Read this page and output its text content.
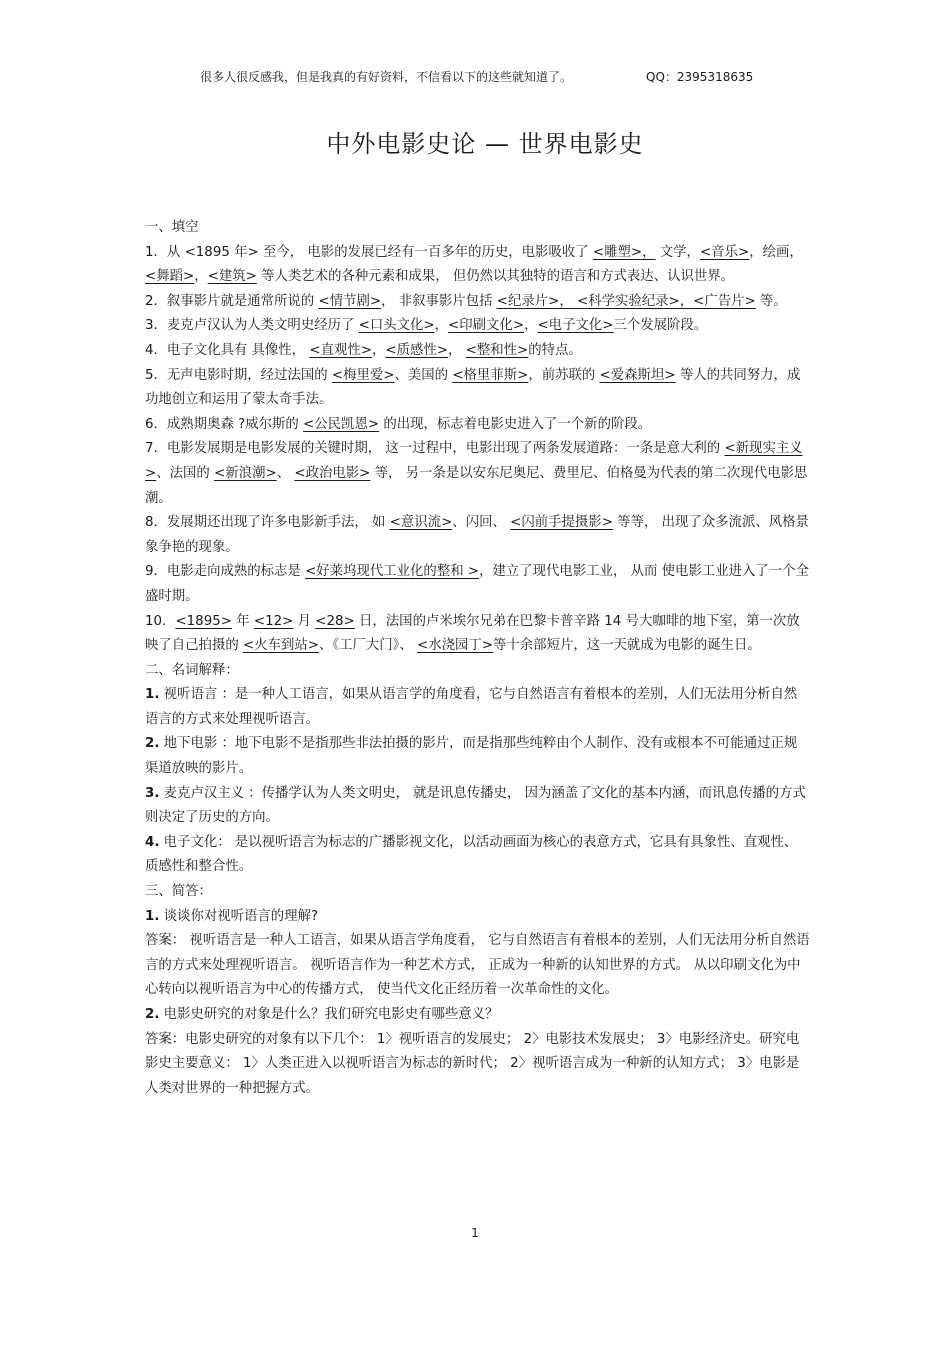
很多人很反感我，但是我真的有好资料，不信看以下的这些就知道了。	QQ：2395318635
中外电影史论 — 世界电影史

一、填空

1．从 <1895 年> 至今， 电影的发展已经有一百多年的历史，电影吸收了 <雕塑>， 文学，<音乐>，绘画，<舞蹈>，<建筑> 等人类艺术的各种元素和成果， 但仍然以其独特的语言和方式表达、认识世界。

2．叙事影片就是通常所说的 <情节剧>， 非叙事影片包括 <纪录片>， <科学实验纪录>，<广告片> 等。

3．麦克卢汉认为人类文明史经历了 <口头文化>，<印刷文化>，<电子文化>三个发展阶段。

4．电子文化具有 具像性， <直观性>，<质感性>， <整和性>的特点。

5．无声电影时期，经过法国的 <梅里爱>、美国的 <格里菲斯>，前苏联的 <爱森斯坦> 等人的共同努力，成功地创立和运用了蒙太奇手法。

6．成熟期奥森 ?威尔斯的 <公民凯恩> 的出现，标志着电影史进入了一个新的阶段。

7．电影发展期是电影发展的关键时期， 这一过程中，电影出现了两条发展道路：一条是意大利的 <新现实主义>、法国的 <新浪潮>、 <政治电影> 等， 另一条是以安东尼奥尼、费里尼、伯格曼为代表的第二次现代电影思潮。

8．发展期还出现了许多电影新手法， 如 <意识流>、闪回、 <闪前手提摄影> 等等， 出现了众多流派、风格景象争艳的现象。

9．电影走向成熟的标志是 <好莱坞现代工业化的整和 >，建立了现代电影工业， 从而 使电影工业进入了一个全盛时期。

10．<1895> 年 <12> 月 <28> 日，法国的卢米埃尔兄弟在巴黎卡普辛路 14 号大咖啡的地下室，第一次放映了自己拍摄的 <火车到站>、《工厂大门》、 <水浇园丁>等十余部短片，这一天就成为电影的诞生日。

二、名词解释：

1. 视听语言 ：是一种人工语言，如果从语言学的角度看，它与自然语言有着根本的差别，人们无法用分析自然语言的方式来处理视听语言。

2. 地下电影 ：地下电影不是指那些非法拍摄的影片，而是指那些纯粹由个人制作、没有或根本不可能通过正规渠道放映的影片。

3. 麦克卢汉主义 ：传播学认为人类文明史， 就是讯息传播史， 因为涵盖了文化的基本内涵，而讯息传播的方式则决定了历史的方向。

4. 电子文化： 是以视听语言为标志的广播影视文化，以活动画面为核心的表意方式，它具有具象性、直观性、质感性和整合性。

三、简答：

1. 谈谈你对视听语言的理解?

答案： 视听语言是一种人工语言，如果从语言学角度看， 它与自然语言有着根本的差别，人们无法用分析自然语言的方式来处理视听语言。 视听语言作为一种艺术方式， 正成为一种新的认知世界的方式。 从以印刷文化为中心转向以视听语言为中心的传播方式， 使当代文化正经历着一次革命性的文化。

2. 电影史研究的对象是什么？我们研究电影史有哪些意义？

答案：电影史研究的对象有以下几个： 1〉视听语言的发展史； 2〉电影技术发展史； 3〉电影经济史。研究电影史主要意义： 1〉人类正进入以视听语言为标志的新时代； 2〉视听语言成为一种新的认知方式； 3〉电影是人类对世界的一种把握方式。

1
